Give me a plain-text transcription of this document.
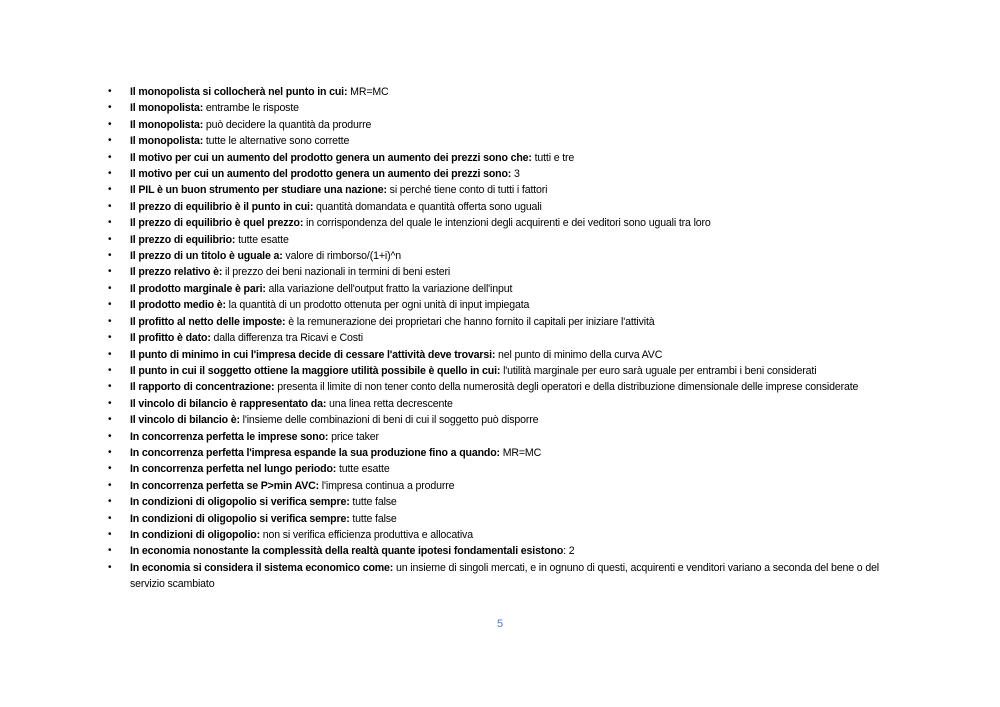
•	Il monopolista si collocherà nel punto in cui: MR=MC
•	Il monopolista: entrambe le risposte
•	Il monopolista: può decidere la quantità da produrre
•	Il monopolista: tutte le alternative sono corrette
•	Il motivo per cui un aumento del prodotto genera un aumento dei prezzi sono che: tutti e tre
•	Il motivo per cui un aumento del prodotto genera un aumento dei prezzi sono: 3
•	Il PIL è un buon strumento per studiare una nazione: si perché tiene conto di tutti i fattori
•	Il prezzo di equilibrio è il punto in cui: quantità domandata e quantità offerta sono uguali
•	Il prezzo di equilibrio è quel prezzo: in corrispondenza del quale le intenzioni degli acquirenti e dei veditori sono uguali tra loro
•	Il prezzo di equilibrio: tutte esatte
•	Il prezzo di un titolo è uguale a: valore di rimborso/(1+i)^n
•	Il prezzo relativo è: il prezzo dei beni nazionali in termini di beni esteri
•	Il prodotto marginale è pari: alla variazione dell'output fratto la variazione dell'input
•	Il prodotto medio è: la quantità di un prodotto ottenuta per ogni unità di input impiegata
•	Il profitto al netto delle imposte: è la remunerazione dei proprietari che hanno fornito il capitali per iniziare l'attività
•	Il profitto è dato: dalla differenza tra Ricavi e Costi
•	Il punto di minimo in cui l'impresa decide di cessare l'attività deve trovarsi: nel punto di minimo della curva AVC
•	Il punto in cui il soggetto ottiene la maggiore utilità possibile è quello in cui: l'utilità marginale per euro sarà uguale per entrambi i beni considerati
•	Il rapporto di concentrazione: presenta il limite di non tener conto della numerosità degli operatori e della distribuzione dimensionale delle imprese considerate
•	Il vincolo di bilancio è rappresentato da: una linea retta decrescente
•	Il vincolo di bilancio è: l'insieme delle combinazioni di beni di cui il soggetto può disporre
•	In concorrenza perfetta le imprese sono: price taker
•	In concorrenza perfetta l'impresa espande la sua produzione fino a quando: MR=MC
•	In concorrenza perfetta nel lungo periodo: tutte esatte
•	In concorrenza perfetta se P>min AVC: l'impresa continua a produrre
•	In condizioni di oligopolio si verifica sempre: tutte false
•	In condizioni di oligopolio si verifica sempre: tutte false
•	In condizioni di oligopolio: non si verifica efficienza produttiva e allocativa
•	In economia nonostante la complessità della realtà quante ipotesi fondamentali esistono: 2
•	In economia si considera il sistema economico come: un insieme di singoli mercati, e in ognuno di questi, acquirenti e venditori variano a seconda del bene o del servizio scambiato
5
